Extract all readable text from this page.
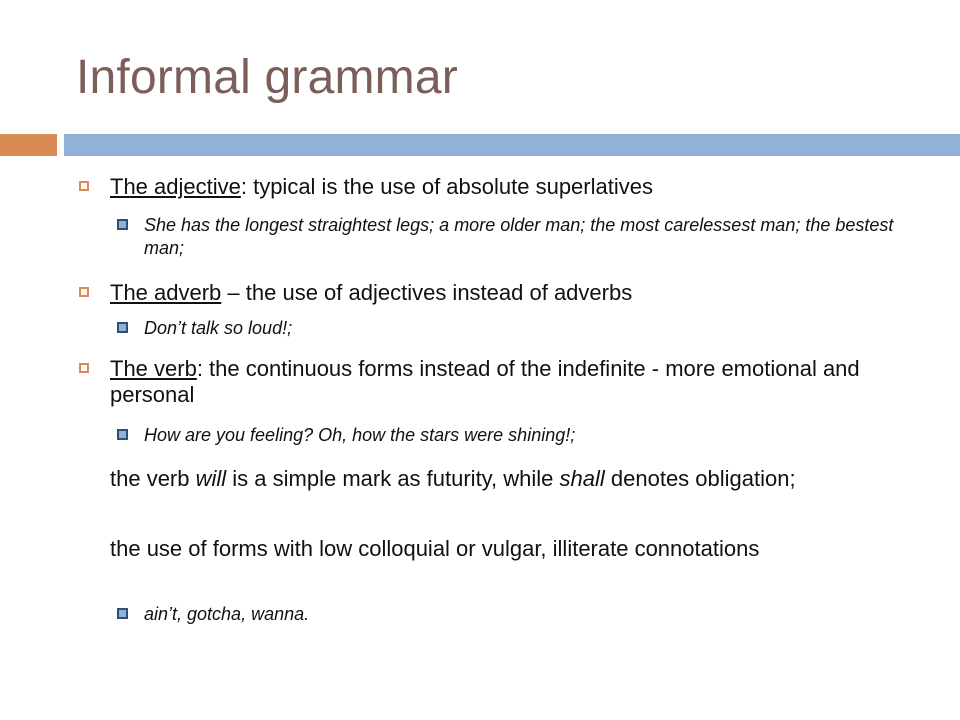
Informal grammar
The adjective: typical is the use of absolute superlatives
She has the longest straightest legs; a more older man; the most carelessest man; the bestest man;
The adverb – the use of adjectives instead of adverbs
Don’t talk so loud!;
The verb: the continuous forms instead of the indefinite - more emotional and personal
How are you feeling? Oh, how the stars were shining!;
the verb will is a simple mark as futurity, while shall denotes obligation;
the use of forms with low colloquial or vulgar, illiterate connotations
ain’t, gotcha, wanna.
